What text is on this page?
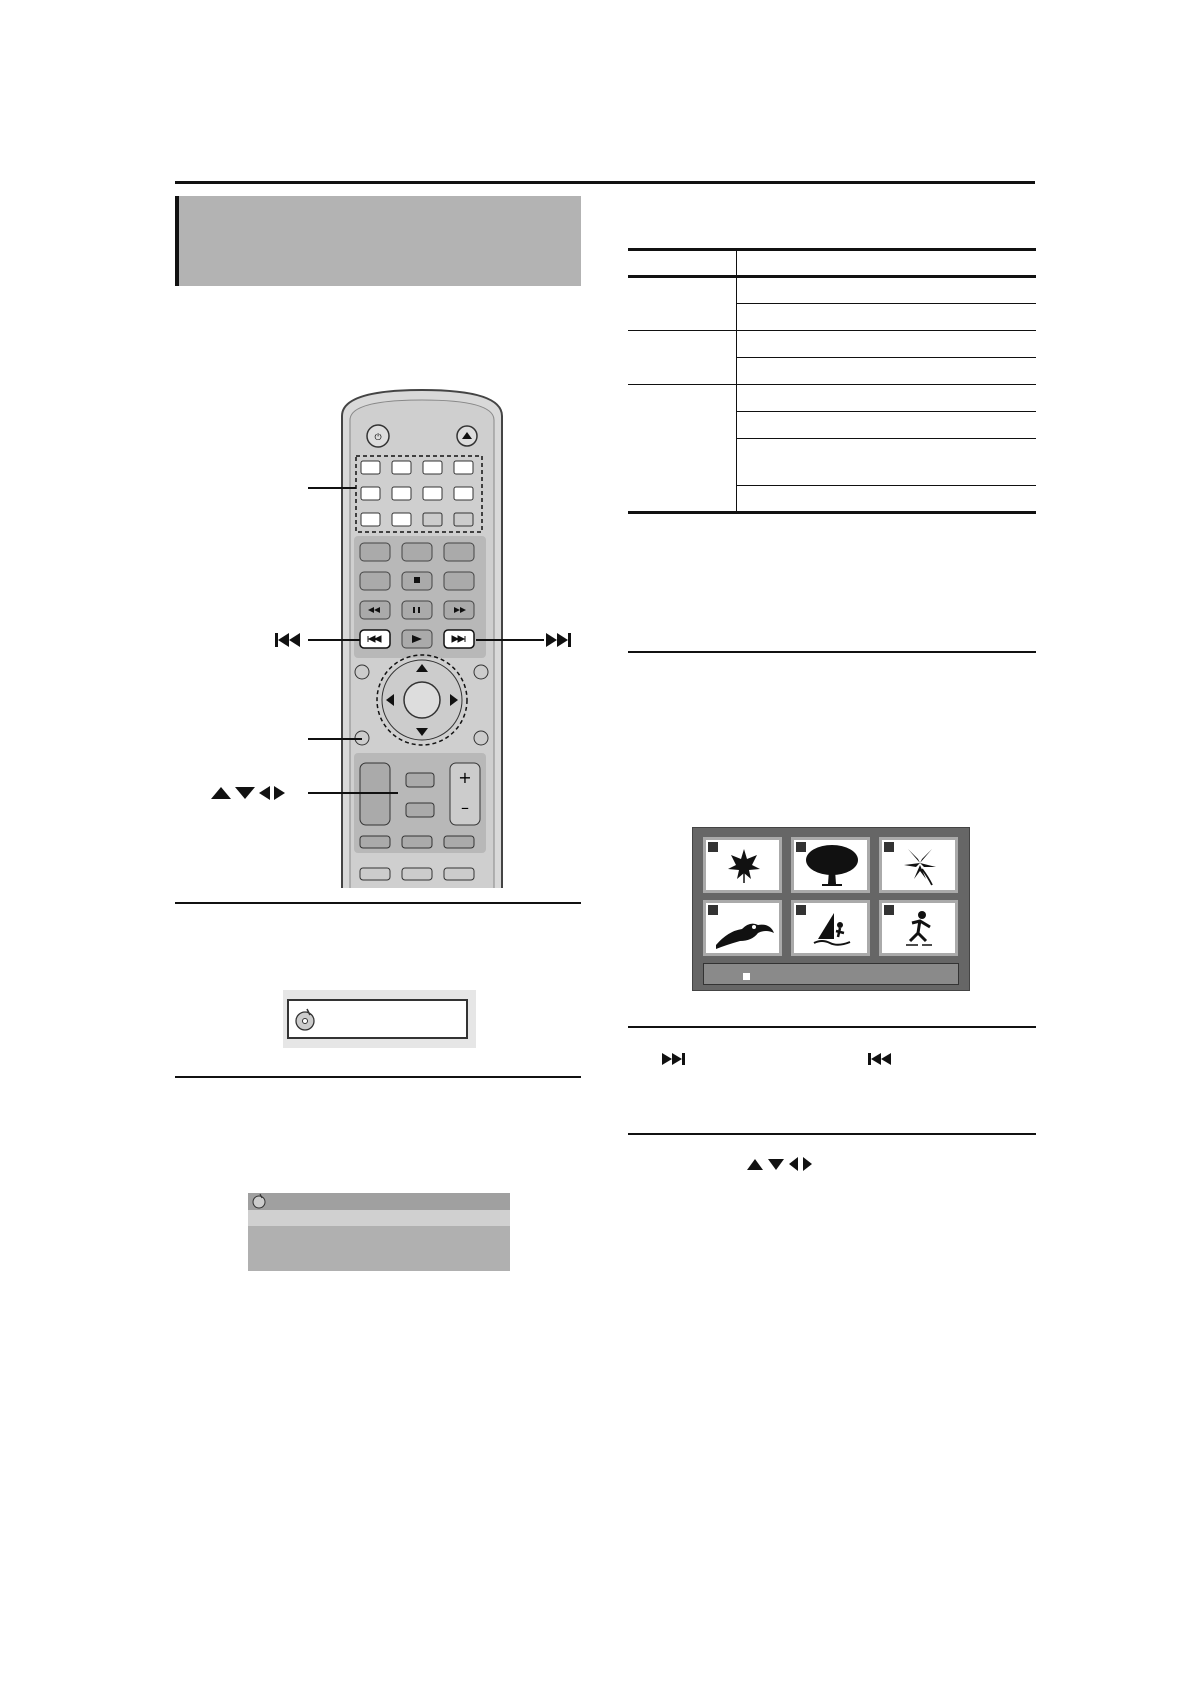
⏻
+
–
